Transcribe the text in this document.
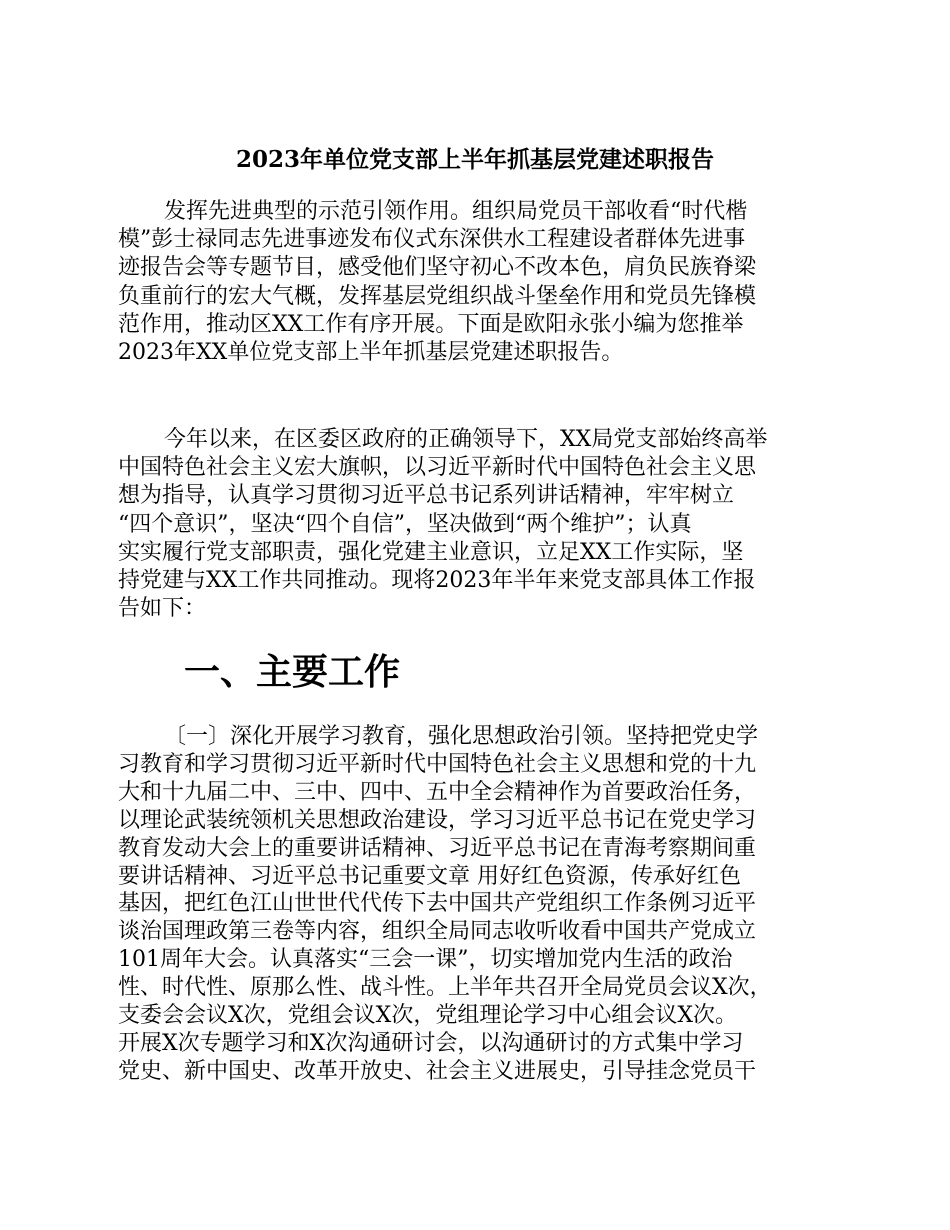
2023年单位党支部上半年抓基层党建述职报告
发挥先进典型的示范引领作用。组织局党员干部收看“时代楷
模”彭士禄同志先进事迹发布仪式东深供水工程建设者群体先进事
迹报告会等专题节目，感受他们坚守初心不改本色，肩负民族脊梁
负重前行的宏大气概，发挥基层党组织战斗堡垒作用和党员先锋模
范作用，推动区XX工作有序开展。下面是欧阳永张小编为您推举
2023年XX单位党支部上半年抓基层党建述职报告。
今年以来，在区委区政府的正确领导下，XX局党支部始终高举
中国特色社会主义宏大旗帜，以习近平新时代中国特色社会主义思
想为指导，认真学习贯彻习近平总书记系列讲话精神，牢牢树立
“四个意识”，坚决“四个自信”，坚决做到“两个维护”；认真
实实履行党支部职责，强化党建主业意识，立足XX工作实际，坚
持党建与XX工作共同推动。现将2023年半年来党支部具体工作报
告如下：
一、主要工作
〔一〕深化开展学习教育，强化思想政治引领。坚持把党史学
习教育和学习贯彻习近平新时代中国特色社会主义思想和党的十九
大和十九届二中、三中、四中、五中全会精神作为首要政治任务，
以理论武装统领机关思想政治建设，学习习近平总书记在党史学习
教育发动大会上的重要讲话精神、习近平总书记在青海考察期间重
要讲话精神、习近平总书记重要文章 用好红色资源，传承好红色
基因，把红色江山世世代代传下去中国共产党组织工作条例习近平
谈治国理政第三卷等内容，组织全局同志收听收看中国共产党成立
101周年大会。认真落实“三会一课”，切实增加党内生活的政治
性、时代性、原那么性、战斗性。上半年共召开全局党员会议X次，
支委会会议X次，党组会议X次，党组理论学习中心组会议X次。
开展X次专题学习和X次沟通研讨会，以沟通研讨的方式集中学习
党史、新中国史、改革开放史、社会主义进展史，引导挂念党员干
